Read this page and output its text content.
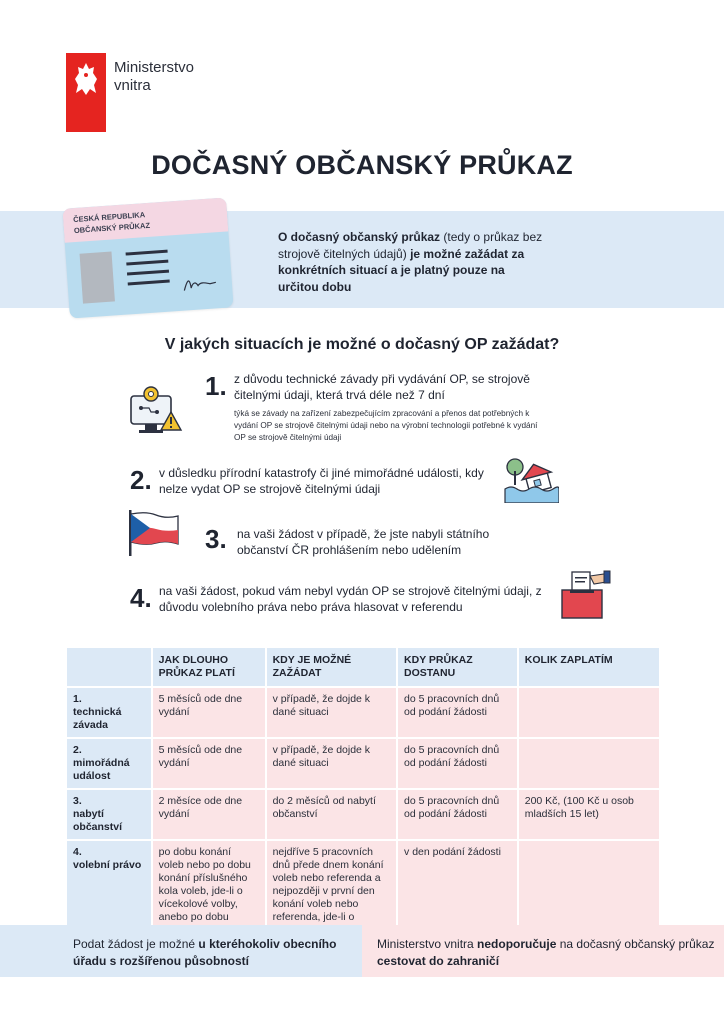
Ministerstvo
vnitra
DOČASNÝ OBČANSKÝ PRŮKAZ
ČESKÁ REPUBLIKA
OBČANSKÝ PRŮKAZ
O dočasný občanský průkaz (tedy o průkaz bez strojově čitelných údajů) je možné zažádat za konkrétních situací a je platný pouze na určitou dobu
V jakých situacích je možné o dočasný OP zažádat?
1. z důvodu technické závady při vydávání OP, se strojově čitelnými údaji, která trvá déle než 7 dní
týká se závady na zařízení zabezpečujícím zpracování a přenos dat potřebných k vydání OP se strojově čitelnými údaji nebo na výrobní technologii potřebné k vydání OP se strojově čitelnými údaji
2. v důsledku přírodní katastrofy či jiné mimořádné události, kdy nelze vydat OP se strojově čitelnými údaji
3. na vaši žádost v případě, že jste nabyli státního občanství ČR prohlášením nebo udělením
4. na vaši žádost, pokud vám nebyl vydán OP se strojově čitelnými údaji, z důvodu volebního práva nebo práva hlasovat v referendu
	JAK DLOUHO PRŮKAZ PLATÍ	KDY JE MOŽNÉ ZAŽÁDAT	KDY PRŮKAZ DOSTANU	KOLIK ZAPLATÍM

1.
technická závada	5 měsíců ode dne vydání	v případě, že dojde k dané situaci	do 5 pracovních dnů od podání žádosti	

2.
mimořádná událost	5 měsíců ode dne vydání	v případě, že dojde k dané situaci	do 5 pracovních dnů od podání žádosti	

3.
nabytí občanství	2 měsíce ode dne vydání	do 2 měsíců od nabytí občanství	do 5 pracovních dnů od podání žádosti	200 Kč, (100 Kč u osob mladších 15 let)

4.
volební právo	po dobu konání voleb nebo po dobu konání příslušného kola voleb, jde-li o vícekolové volby, anebo po dobu	nejdříve 5 pracovních dnů přede dnem konání voleb nebo referenda a nejpozději v první den konání voleb nebo referenda, jde-li o	v den podání žádosti	
Podat žádost je možné u kteréhokoliv obecního úřadu s rozšířenou působností
Ministerstvo vnitra nedoporučuje na dočasný občanský průkaz cestovat do zahraničí
